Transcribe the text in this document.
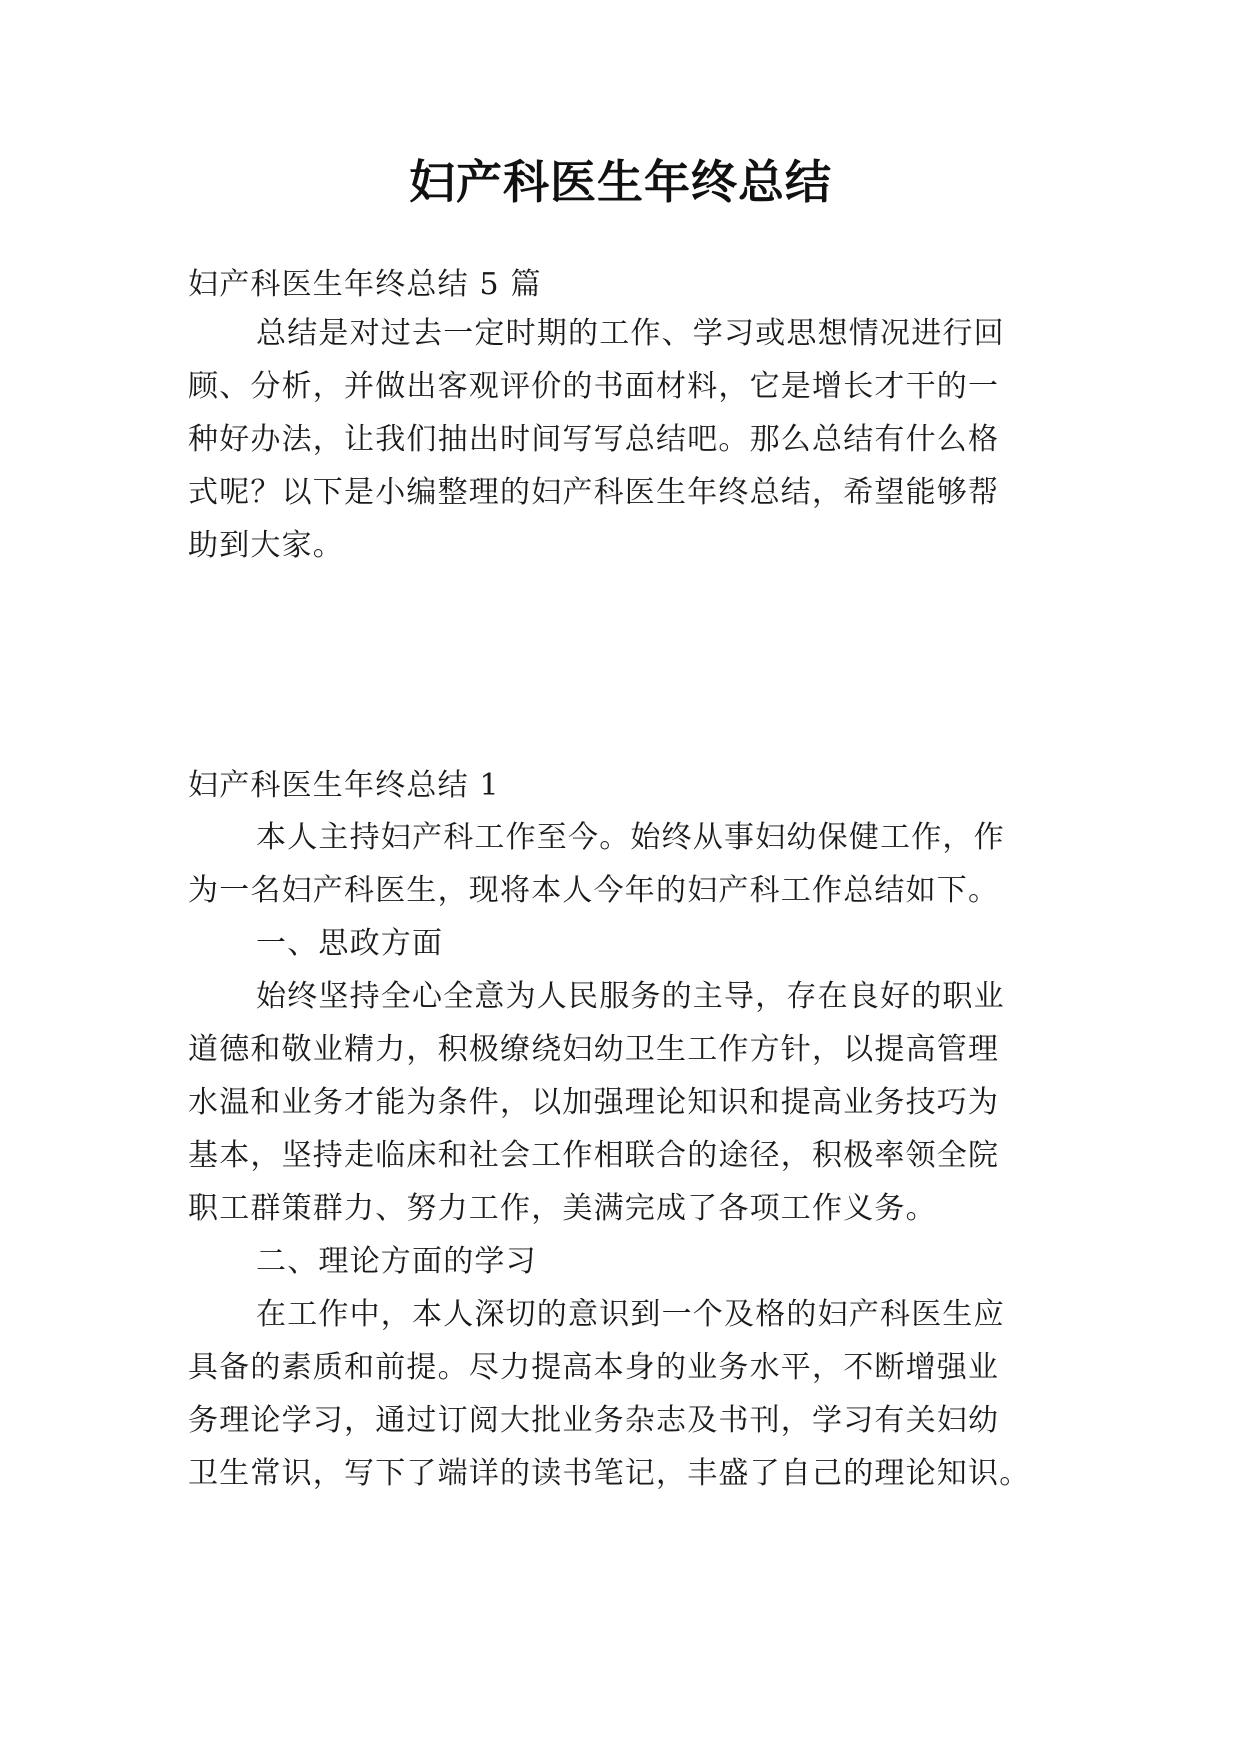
妇产科医生年终总结
妇产科医生年终总结 5 篇
总结是对过去一定时期的工作、学习或思想情况进行回
顾、分析，并做出客观评价的书面材料，它是增长才干的一
种好办法，让我们抽出时间写写总结吧。那么总结有什么格
式呢？以下是小编整理的妇产科医生年终总结，希望能够帮
助到大家。
妇产科医生年终总结 1
本人主持妇产科工作至今。始终从事妇幼保健工作，作
为一名妇产科医生，现将本人今年的妇产科工作总结如下。
一、思政方面
始终坚持全心全意为人民服务的主导，存在良好的职业
道德和敬业精力，积极缭绕妇幼卫生工作方针，以提高管理
水温和业务才能为条件，以加强理论知识和提高业务技巧为
基本，坚持走临床和社会工作相联合的途径，积极率领全院
职工群策群力、努力工作，美满完成了各项工作义务。
二、理论方面的学习
在工作中，本人深切的意识到一个及格的妇产科医生应
具备的素质和前提。尽力提高本身的业务水平，不断增强业
务理论学习，通过订阅大批业务杂志及书刊，学习有关妇幼
卫生常识，写下了端详的读书笔记，丰盛了自己的理论知识。
